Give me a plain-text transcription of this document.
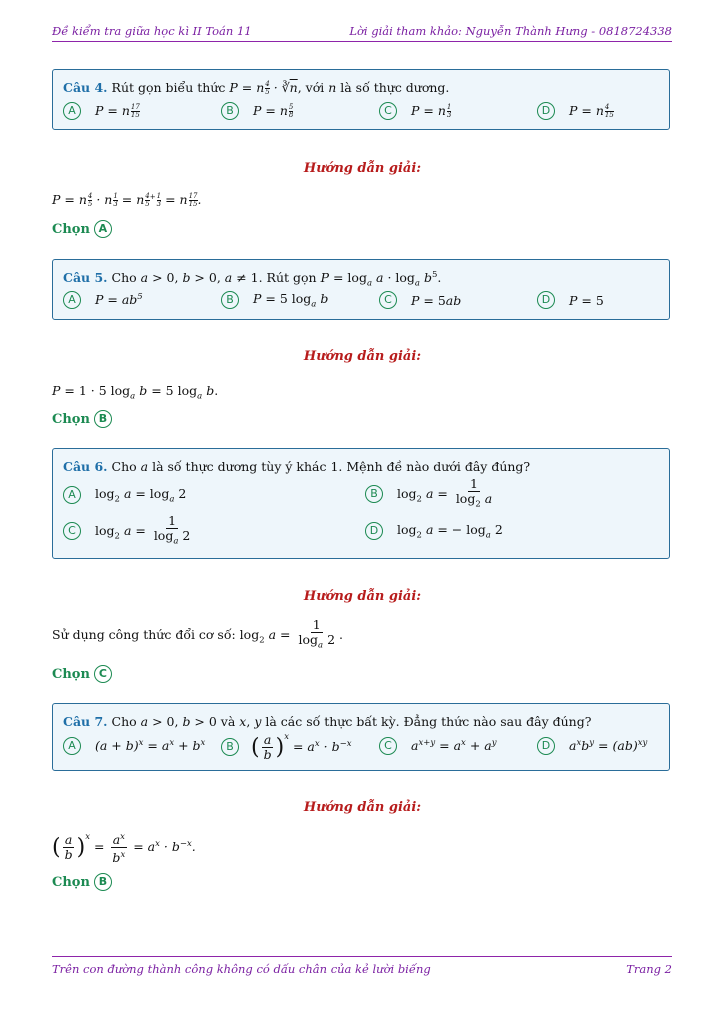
Đề kiểm tra giữa học kì II Toán 11	Lời giải tham khảo: Nguyễn Thành Hưng - 0818724338
Câu 4. Rút gọn biểu thức P = n $\frac{4}{5}$ · $∛\overline{n}$, với n là số thực dương.
A	P = n $\frac{17}{15}$	B	P = n $\frac{5}{8}$	C	P = n $\frac{1}{3}$	D	P = n $\frac{4}{15}$
Hướng dẫn giải:
P = n $\frac{4}{5} \cdot n \frac{1}{3} = n \frac{4}{5} ^+ \frac{1}{3} = n \frac{17}{15}$ .
Chọn A
Câu 5. Cho a > 0, b > 0, a ≠ 1. Rút gọn $P = \log_a a \cdot \log_a b^5$.
A	$P = ab^5$	B	P = 5 $\log_a b$	C	P = 5ab	D	P = 5
Hướng dẫn giải:
P = 1 · 5 $\log_a b = 5$ $\log_a b$.
Chọn B
Câu 6. Cho a là số thực dương tùy ý khác 1. Mệnh đề nào dưới đây đúng?
A	$\log_2 a = \log_a 2$	B	$\log_2 a = \frac{1}{\log_2 a}$
C	$\log_2 a = \frac{1}{\log_a 2}$	D	$\log_2 a$ = − $\log_a 2$
Hướng dẫn giải:
Sử dụng công thức đổi cơ số: $\log_2 a = \frac{1}{\log_a 2}$ .
Chọn C
Câu 7. Cho a > 0, b > 0 và x, y là các số thực bất kỳ. Đẳng thức nào sau đây đúng?
A	$(a + b)^x = a^x + b^x$	B ( $\frac{a}{b} )^x = a^x \cdot b^{-x}$	C	$a^{x+y} = a^x + a^y$	D	$a^xb^y = (ab)^{xy}$
Hướng dẫn giải:
( $\frac{a}{b} )^x = \frac{a^x}{b^x} = a^x \cdot b^{-x}$.
Chọn B
Trên con đường thành công không có dấu chân của kẻ lười biếng	Trang 2
